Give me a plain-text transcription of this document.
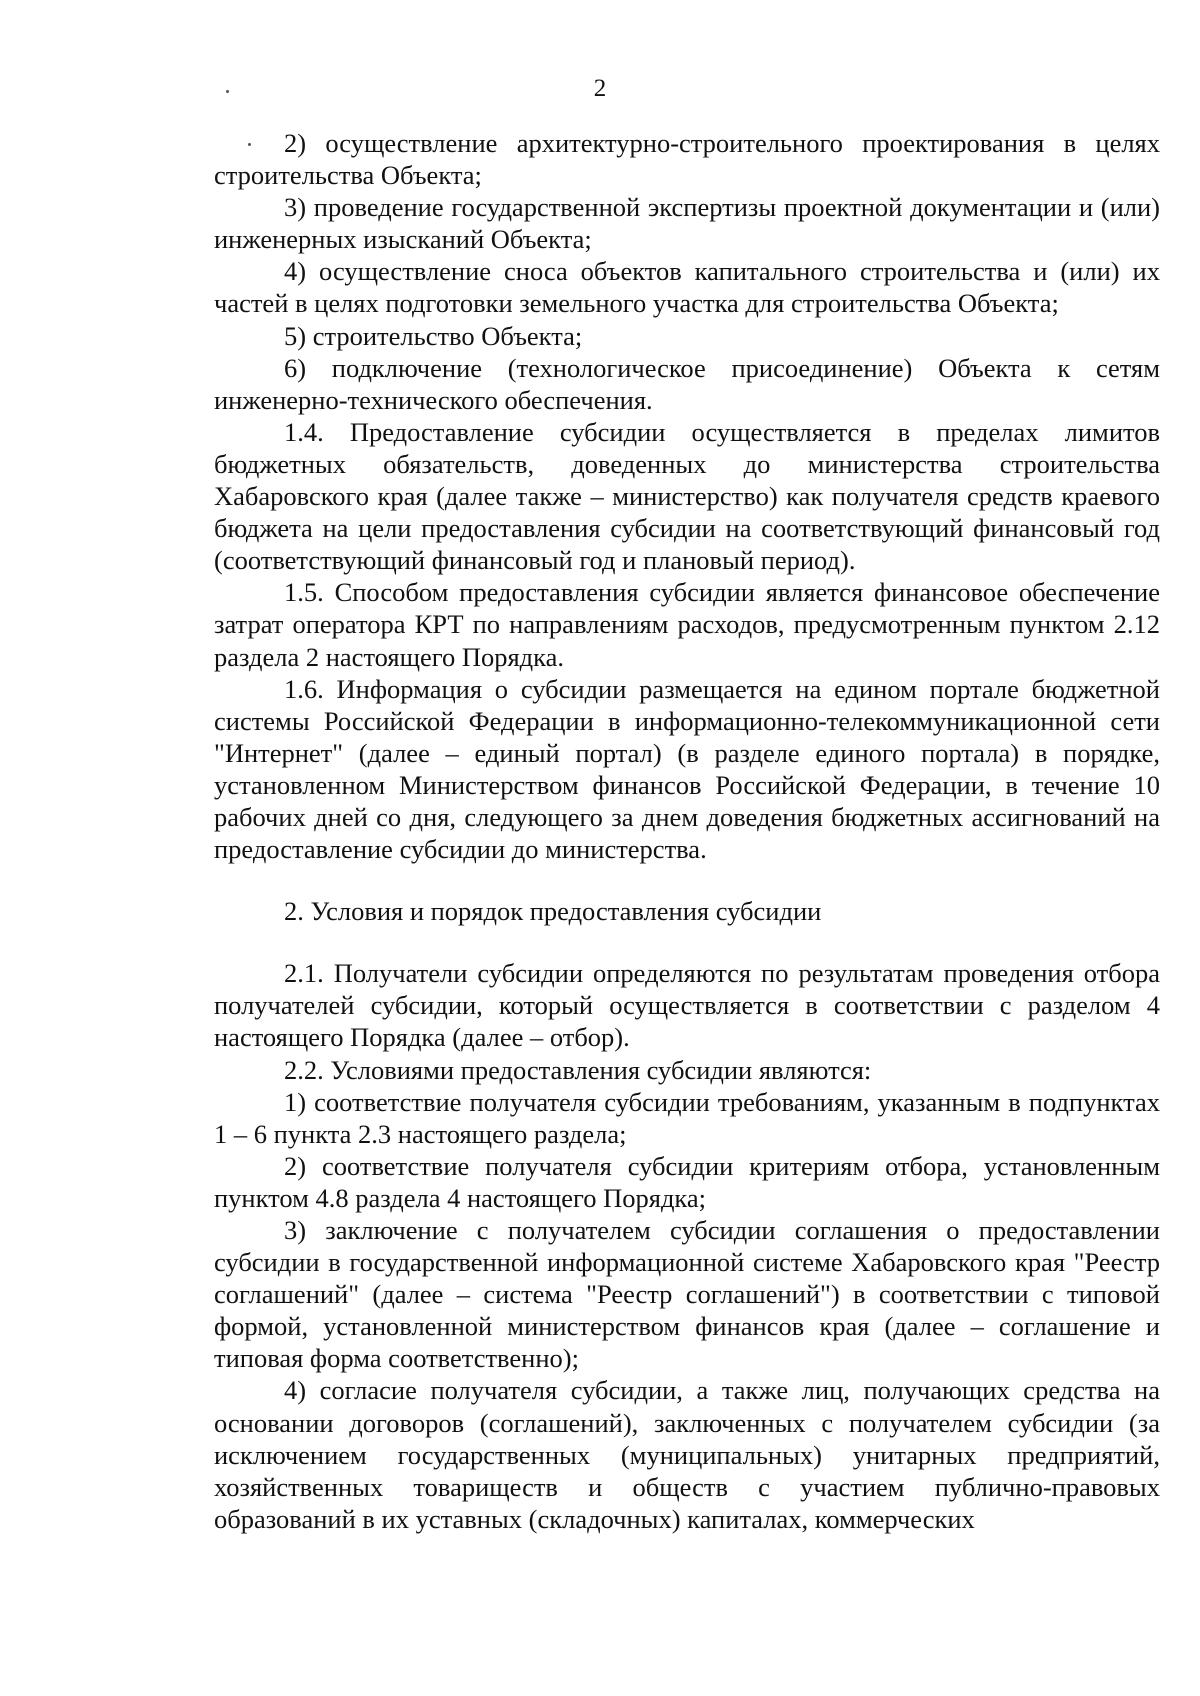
2

2) осуществление архитектурно-строительного проектирования в целях строительства Объекта;

3) проведение государственной экспертизы проектной документации и (или) инженерных изысканий Объекта;

4) осуществление сноса объектов капитального строительства и (или) их частей в целях подготовки земельного участка для строительства Объекта;

5) строительство Объекта;

6) подключение (технологическое присоединение) Объекта к сетям инженерно-технического обеспечения.

1.4. Предоставление субсидии осуществляется в пределах лимитов бюджетных обязательств, доведенных до министерства строительства Хабаровского края (далее также – министерство) как получателя средств краевого бюджета на цели предоставления субсидии на соответствующий финансовый год (соответствующий финансовый год и плановый период).

1.5. Способом предоставления субсидии является финансовое обеспечение затрат оператора КРТ по направлениям расходов, предусмотренным пунктом 2.12 раздела 2 настоящего Порядка.

1.6. Информация о субсидии размещается на едином портале бюджетной системы Российской Федерации в информационно-телекоммуникационной сети "Интернет" (далее – единый портал) (в разделе единого портала) в порядке, установленном Министерством финансов Российской Федерации, в течение 10 рабочих дней со дня, следующего за днем доведения бюджетных ассигнований на предоставление субсидии до министерства.

2. Условия и порядок предоставления субсидии

2.1. Получатели субсидии определяются по результатам проведения отбора получателей субсидии, который осуществляется в соответствии с разделом 4 настоящего Порядка (далее – отбор).

2.2. Условиями предоставления субсидии являются:

1) соответствие получателя субсидии требованиям, указанным в подпунктах 1 – 6 пункта 2.3 настоящего раздела;

2) соответствие получателя субсидии критериям отбора, установленным пунктом 4.8 раздела 4 настоящего Порядка;

3) заключение с получателем субсидии соглашения о предоставлении субсидии в государственной информационной системе Хабаровского края "Реестр соглашений" (далее – система "Реестр соглашений") в соответствии с типовой формой, установленной министерством финансов края (далее – соглашение и типовая форма соответственно);

4) согласие получателя субсидии, а также лиц, получающих средства на основании договоров (соглашений), заключенных с получателем субсидии (за исключением государственных (муниципальных) унитарных предприятий, хозяйственных товариществ и обществ с участием публично-правовых образований в их уставных (складочных) капиталах, коммерческих
